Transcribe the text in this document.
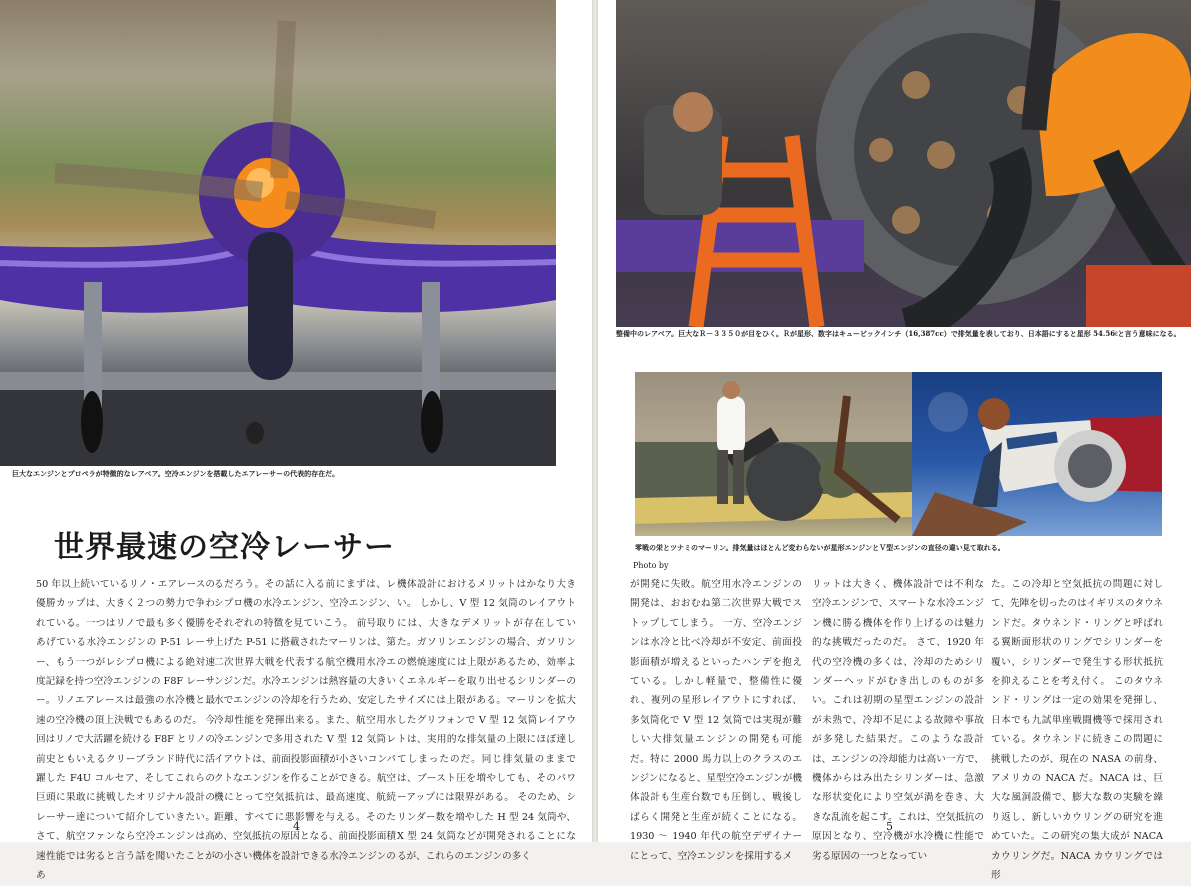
巨大なエンジンとプロペラが特徴的なレアベア。空冷エンジンを搭載したエアレーサーの代表的存在だ。
世界最速の空冷レーサー
50 年以上続いているリノ・エアレースの優勝カップは、大きく２つの勢力で争われている。一つはリノで最も多く優勝をあげている水冷エンジンの P-51 レーサー、もう一つがレシプロ機による絶対速度記録を持つ空冷エンジンの F8F レーサー。リノエアレースは最強の水冷機と最速の空冷機の頂上決戦でもあるのだ。 今回はリノで大活躍を続ける F8F とリノの前史ともいえるクリーブランド時代に活躍した F4U コルセア、そしてこれらの巨頭に果敢に挑戦したオリジナル設計のレーサー達について紹介していきたい。 さて、航空ファンなら空冷エンジンは高速性能では劣ると言う話を聞いたことがあ
るだろう。その話に入る前にまずは、レシプロ機の水冷エンジン、空冷エンジン、それぞれの特徴を見ていこう。 前号取り上げた P-51 に搭載されたマーリンは、第二次世界大戦を代表する航空機用水冷エンジンだ。水冷エンジンは熱容量の大きい水でエンジンの冷却を行うため、安定した冷却性能を発揮出来る。また、航空用水冷エンジンで多用された V 型 12 気筒レイアウトは、前面投影面積が小さいコンパクトなエンジンを作ることができる。航空機にとって空気抵抗は、最高速度、航続距離、すべてに悪影響を与える。そのため、空気抵抗の原因となる、前面投影面積の小さい機体を設計できる水冷エンジンの
機体設計におけるメリットはかなり大きい。 しかし、V 型 12 気筒のレイアウトには、大きなデメリットが存在していた。ガソリンエンジンの場合、ガソリンの燃焼速度には上限があるため、効率よくエネルギーを取り出せるシリンダーのサイズには上限がある。マーリンを拡大したグリフォンで V 型 12 気筒レイアウトは、実用的な排気量の上限にほぼ達してしまったのだ。同じ排気量のままでは、ブースト圧を増やしても、そのパワーアップには限界がある。 そのため、シリンダー数を増やした H 型 24 気筒や、X 型 24 気筒などが開発されることになるが、これらのエンジンの多く
4
整備中のレアベア。巨大なＲ－３３５０が目をひく。Ｒが星形、数字はキュービックインチ（16,387cc）で排気量を表しており、日本語にすると星形 54.56ℓと言う意味になる。
零戦の栄とツナミのマーリン。排気量はほとんど変わらないが星形エンジンとＶ型エンジンの直径の違い見て取れる。
Photo by
が開発に失敗。航空用水冷エンジンの開発は、おおむね第二次世界大戦でストップしてしまう。 一方、空冷エンジンは水冷と比べ冷却が不安定、前面投影面積が増えるといったハンデを抱えている。しかし軽量で、整備性に優れ、複列の星形レイアウトにすれば、多気筒化で V 型 12 気筒では実現が難しい大排気量エンジンの開発も可能だ。特に 2000 馬力以上のクラスのエンジンになると、星型空冷エンジンが機体設計も生産台数でも圧倒し、戦後しばらく開発と生産が続くことになる。 1930 ～ 1940 年代の航空デザイナーにとって、空冷エンジンを採用するメ
リットは大きく、機体設計では不利な空冷エンジンで、スマートな水冷エンジン機に勝る機体を作り上げるのは魅力的な挑戦だったのだ。 さて、1920 年代の空冷機の多くは、冷却のためシリンダーヘッドがむき出しのものが多い。これは初期の星型エンジンの設計が未熟で、冷却不足による故障や事故が多発した結果だ。このような設計は、エンジンの冷却能力は高い一方で、機体からはみ出たシリンダーは、急激な形状変化により空気が渦を巻き、大きな乱流を起こす。これは、空気抵抗の原因となり、空冷機が水冷機に性能で劣る原因の一つとなってい
た。この冷却と空気抵抗の問題に対して、先陣を切ったのはイギリスのタウネンドだ。タウネンド・リングと呼ばれる翼断面形状のリングでシリンダーを覆い、シリンダーで発生する形状抵抗を抑えることを考え付く。 このタウネンド・リングは一定の効果を発揮し、日本でも九試単座戦闘機等で採用されている。タウネンドに続きこの問題に挑戦したのが、現在の NASA の前身、アメリカの NACA だ。NACA は、巨大な風洞設備で、膨大な数の実験を繰り返し、新しいカウリングの研究を進めていた。この研究の集大成が NACA カウリングだ。NACA カウリングでは形
5
